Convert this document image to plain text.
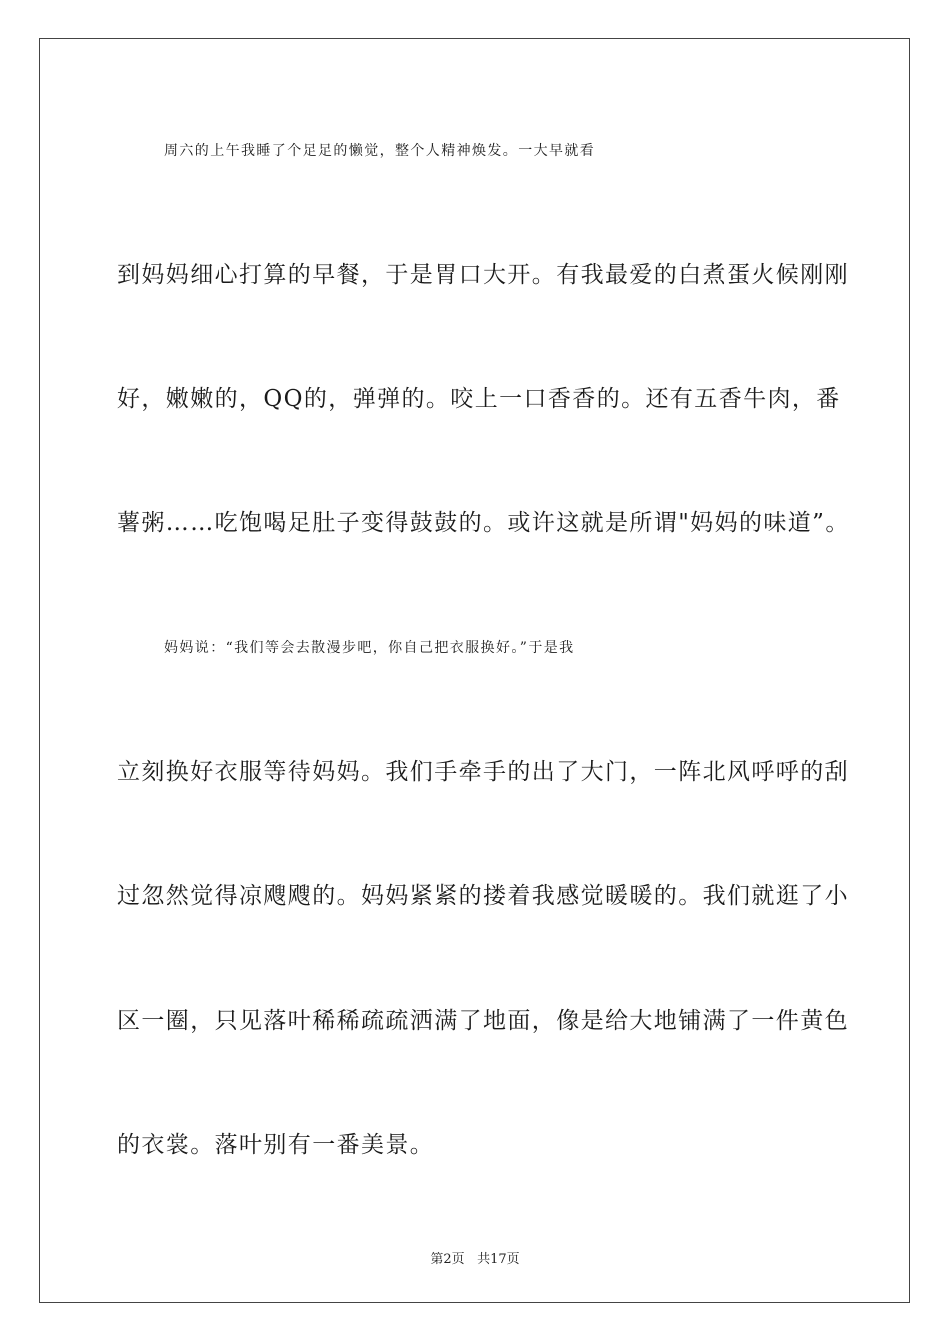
周六的上午我睡了个足足的懒觉，整个人精神焕发。一大早就看
到妈妈细心打算的早餐，于是胃口大开。有我最爱的白煮蛋火候刚刚
好，嫩嫩的，QQ的，弹弹的。咬上一口香香的。还有五香牛肉，番
薯粥……吃饱喝足肚子变得鼓鼓的。或许这就是所谓"妈妈的味道”。
妈妈说：“我们等会去散漫步吧，你自己把衣服换好。”于是我
立刻换好衣服等待妈妈。我们手牵手的出了大门，一阵北风呼呼的刮
过忽然觉得凉飕飕的。妈妈紧紧的搂着我感觉暖暖的。我们就逛了小
区一圈，只见落叶稀稀疏疏洒满了地面，像是给大地铺满了一件黄色
的衣裳。落叶别有一番美景。
第2页 共17页
